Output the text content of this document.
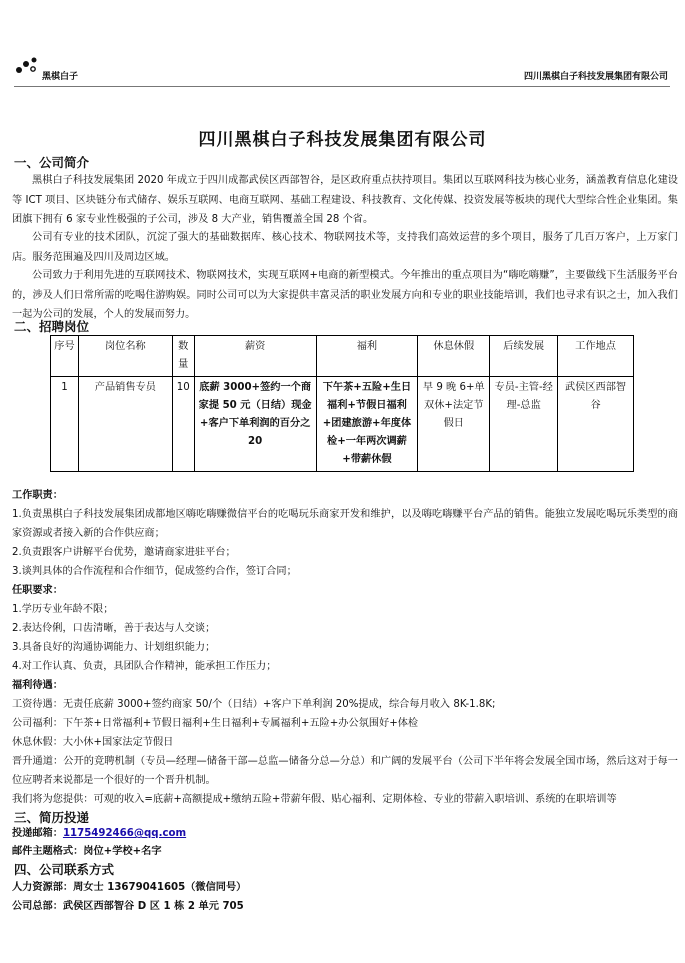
黑棋白子	四川黑棋白子科技发展集团有限公司
四川黑棋白子科技发展集团有限公司
一、公司简介
黑棋白子科技发展集团 2020 年成立于四川成都武侯区西部智谷，是区政府重点扶持项目。集团以互联网科技为核心业务，涵盖教育信息化建设等 ICT 项目、区块链分布式储存、娱乐互联网、电商互联网、基础工程建设、科技教育、文化传媒、投资发展等板块的现代大型综合性企业集团。集团旗下拥有 6 家专业性极强的子公司，涉及 8 大产业，销售覆盖全国 28 个省。
公司有专业的技术团队，沉淀了强大的基础数据库、核心技术、物联网技术等，支持我们高效运营的多个项目，服务了几百万客户，上万家门店。服务范围遍及四川及周边区域。
公司致力于利用先进的互联网技术、物联网技术，实现互联网+电商的新型模式。今年推出的重点项目为“嗨吃嗨赚”，主要做线下生活服务平台的，涉及人们日常所需的吃喝住游购娱。同时公司可以为大家提供丰富灵活的职业发展方向和专业的职业技能培训，我们也寻求有识之士，加入我们一起为公司的发展，个人的发展而努力。
二、招聘岗位
序号	岗位名称	数量	薪资	福利	休息休假	后续发展	工作地点
1	产品销售专员	10	底薪 3000+签约一个商家提 50 元（日结）现金+客户下单利润的百分之 20	下午茶+五险+生日福利+节假日福利+团建旅游+年度体检+一年两次调薪+带薪休假	早 9 晚 6+单双休+法定节假日	专员-主管-经理-总监	武侯区西部智谷
工作职责：
1.负责黑棋白子科技发展集团成都地区嗨吃嗨赚微信平台的吃喝玩乐商家开发和维护，以及嗨吃嗨赚平台产品的销售。能独立发展吃喝玩乐类型的商家资源或者接入新的合作供应商；
2.负责跟客户讲解平台优势，邀请商家进驻平台；
3.谈判具体的合作流程和合作细节，促成签约合作，签订合同；
任职要求：
1.学历专业年龄不限；
2.表达伶俐，口齿清晰，善于表达与人交谈；
3.具备良好的沟通协调能力、计划组织能力；
4.对工作认真、负责，具团队合作精神，能承担工作压力；
福利待遇：
工资待遇：无责任底薪 3000+签约商家 50/个（日结）+客户下单利润 20%提成，综合每月收入 8K-1.8K;
公司福利：下午茶+日常福利+节假日福利+生日福利+专属福利+五险+办公氛围好+体检
休息休假：大小休+国家法定节假日
晋升通道：公开的竞聘机制（专员—经理—储备干部—总监—储备分总—分总）和广阔的发展平台（公司下半年将会发展全国市场，然后这对于每一位应聘者来说都是一个很好的一个晋升机制。
我们将为您提供：可观的收入=底薪+高额提成+缴纳五险+带薪年假、贴心福利、定期体检、专业的带薪入职培训、系统的在职培训等
三、简历投递
投递邮箱：1175492466@qq.com
邮件主题格式：岗位+学校+名字
四、公司联系方式
人力资源部：周女士 13679041605（微信同号）
公司总部：武侯区西部智谷 D 区 1 栋 2 单元 705
